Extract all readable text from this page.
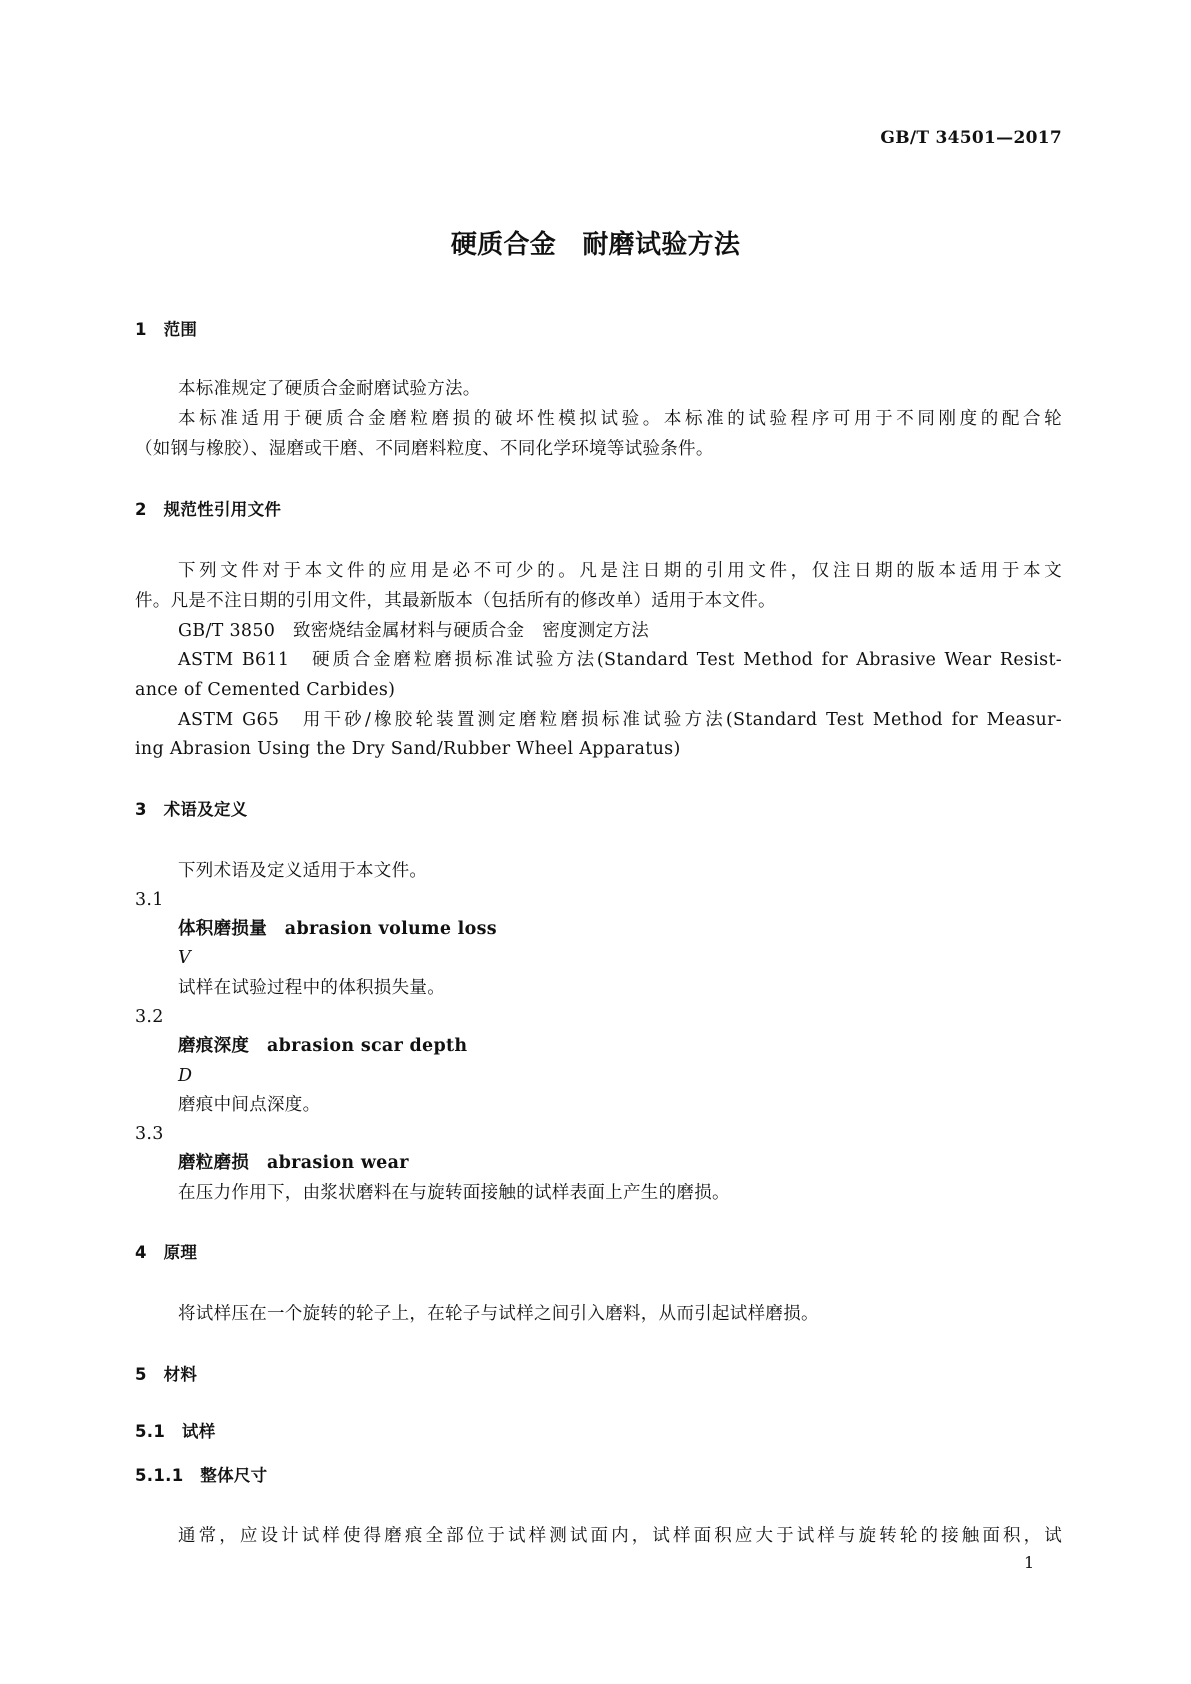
GB/T 34501—2017
硬质合金　耐磨试验方法
1　范围
本标准规定了硬质合金耐磨试验方法。
本标准适用于硬质合金磨粒磨损的破坏性模拟试验。本标准的试验程序可用于不同刚度的配合轮
（如钢与橡胶）、湿磨或干磨、不同磨料粒度、不同化学环境等试验条件。
2　规范性引用文件
下列文件对于本文件的应用是必不可少的。凡是注日期的引用文件，仅注日期的版本适用于本文
件。凡是不注日期的引用文件，其最新版本（包括所有的修改单）适用于本文件。
GB/T 3850　致密烧结金属材料与硬质合金　密度测定方法
ASTM B611　硬质合金磨粒磨损标准试验方法(Standard Test Method for Abrasive Wear Resist-
ance of Cemented Carbides)
ASTM G65　用干砂/橡胶轮装置测定磨粒磨损标准试验方法(Standard Test Method for Measur-
ing Abrasion Using the Dry Sand/Rubber Wheel Apparatus)
3　术语及定义
下列术语及定义适用于本文件。
3.1
体积磨损量　abrasion volume loss
V
试样在试验过程中的体积损失量。
3.2
磨痕深度　abrasion scar depth
D
磨痕中间点深度。
3.3
磨粒磨损　abrasion wear
在压力作用下，由浆状磨料在与旋转面接触的试样表面上产生的磨损。
4　原理
将试样压在一个旋转的轮子上，在轮子与试样之间引入磨料，从而引起试样磨损。
5　材料
5.1　试样
5.1.1　整体尺寸
通常，应设计试样使得磨痕全部位于试样测试面内，试样面积应大于试样与旋转轮的接触面积，试
1
